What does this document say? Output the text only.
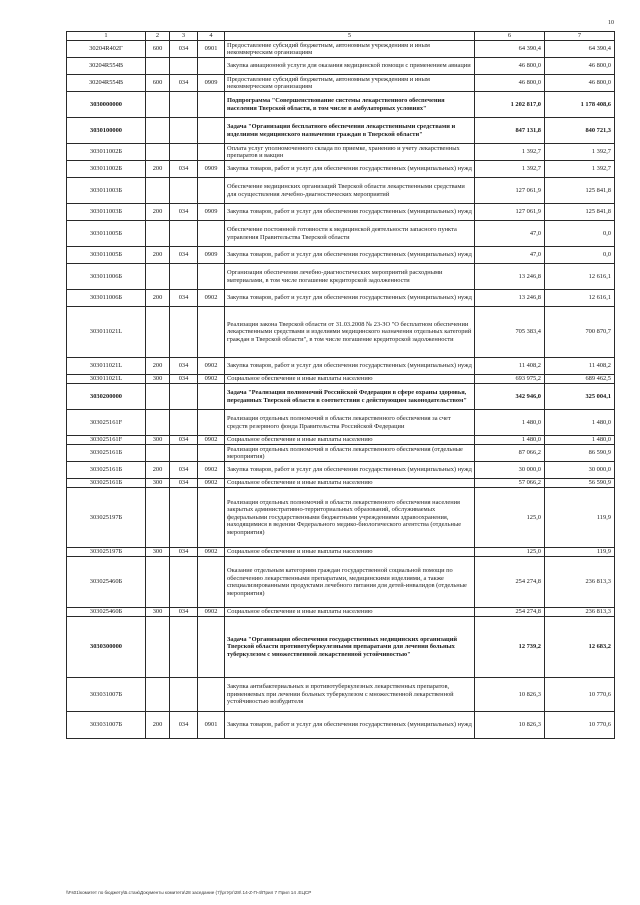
10
1	2	3	4	5	6	7
30204R402Г	600	034	0901	Предоставление субсидий бюджетным, автономным учреждениям и иным некоммерческим организациям	64 390,4	64 390,4
30204R554В				Закупка авиационной услуги для оказания медицинской помощи с применением авиации	46 800,0	46 800,0
30204R554В	600	034	0909	Предоставление субсидий бюджетным, автономным учреждениям и иным некоммерческим организациям	46 800,0	46 800,0
3030000000				Подпрограмма "Совершенствование системы лекарственного обеспечения населения Тверской области, в том числе в амбулаторных условиях"	1 202 817,0	1 178 408,6
3030100000				Задача "Организация бесплатного обеспечения лекарственными средствами и изделиями медицинского назначения граждан в Тверской области"	847 131,8	840 721,3
303011002Б				Оплата услуг уполномоченного склада по приемке, хранению и учету лекарственных препаратов и вакцин	1 392,7	1 392,7
303011002Б	200	034	0909	Закупка товаров, работ и услуг для обеспечения государственных (муниципальных) нужд	1 392,7	1 392,7
303011003Б				Обеспечение медицинских организаций Тверской области лекарственными средствами для осуществления лечебно-диагностических мероприятий	127 061,9	125 841,8
303011003Б	200	034	0909	Закупка товаров, работ и услуг для обеспечения государственных (муниципальных) нужд	127 061,9	125 841,8
303011005Б				Обеспечение постоянной готовности к медицинской деятельности запасного пункта управления Правительства Тверской области	47,0	0,0
303011005Б	200	034	0909	Закупка товаров, работ и услуг для обеспечения государственных (муниципальных) нужд	47,0	0,0
303011006Б				Организация обеспечения лечебно-диагностических мероприятий расходными материалами, в том числе погашение кредиторской задолженности	13 246,8	12 616,1
303011006Б	200	034	0902	Закупка товаров, работ и услуг для обеспечения государственных (муниципальных) нужд	13 246,8	12 616,1
303011021L				Реализация закона Тверской области от 31.03.2008 № 23-ЗО "О бесплатном обеспечении лекарственными средствами и изделиями медицинского назначения отдельных категорий граждан в Тверской области", в том числе погашение кредиторской задолженности	705 383,4	700 870,7
303011021L	200	034	0902	Закупка товаров, работ и услуг для обеспечения государственных (муниципальных) нужд	11 408,2	11 408,2
303011021L	300	034	0902	Социальное обеспечение и иные выплаты населению	693 975,2	689 462,5
3030200000				Задача "Реализация полномочий Российской Федерации в сфере охраны здоровья, переданных Тверской области в соответствии с действующим законодательством"	342 946,0	325 004,1
303025161F				Реализация отдельных полномочий в области лекарственного обеспечения за счет средств резервного фонда Правительства Российской Федерации	1 480,0	1 480,0
303025161F	300	034	0902	Социальное обеспечение и иные выплаты населению	1 480,0	1 480,0
303025161Б				Реализация отдельных полномочий в области лекарственного обеспечения (отдельные мероприятия)	87 066,2	86 590,9
303025161Б	200	034	0902	Закупка товаров, работ и услуг для обеспечения государственных (муниципальных) нужд	30 000,0	30 000,0
303025161Б	300	034	0902	Социальное обеспечение и иные выплаты населению	57 066,2	56 590,9
303025197Б				Реализация отдельных полномочий в области лекарственного обеспечения населения закрытых административно-территориальных образований, обслуживаемых федеральными государственными бюджетными учреждениями здравоохранения, находящимися в ведении Федерального медико-биологического агентства (отдельные мероприятия)	125,0	119,9
303025197Б	300	034	0902	Социальное обеспечение и иные выплаты населению	125,0	119,9
303025460Б				Оказание отдельным категориям граждан государственной социальной помощи по обеспечению лекарственными препаратами, медицинскими изделиями, а также специализированными продуктами лечебного питания для детей-инвалидов (отдельные мероприятия)	254 274,8	236 813,3
303025460Б	300	034	0902	Социальное обеспечение и иные выплаты населению	254 274,8	236 813,3
3030300000				Задача "Организация обеспечения государственных медицинских организаций Тверской области противотуберкулезными препаратами для лечения больных туберкулезом с множественной лекарственной устойчивостью"	12 739,2	12 683,2
303031007Б				Закупка антибактериальных и противотуберкулезных лекарственных препаратов, применяемых при лечении больных туберкулезом с множественной лекарственной устойчивостью возбудителя	10 826,3	10 770,6
303031007Б	200	034	0901	Закупка товаров, работ и услуг для обеспечения государственных (муниципальных) нужд	10 826,3	10 770,6
\\Fs01\комитет по бюджету\Б.стаж\Документы комитета\28 заседание (7)\ргУрг\28\ 14-Z-П-4\Прил 7 Прил 14 .ЕЦСР
